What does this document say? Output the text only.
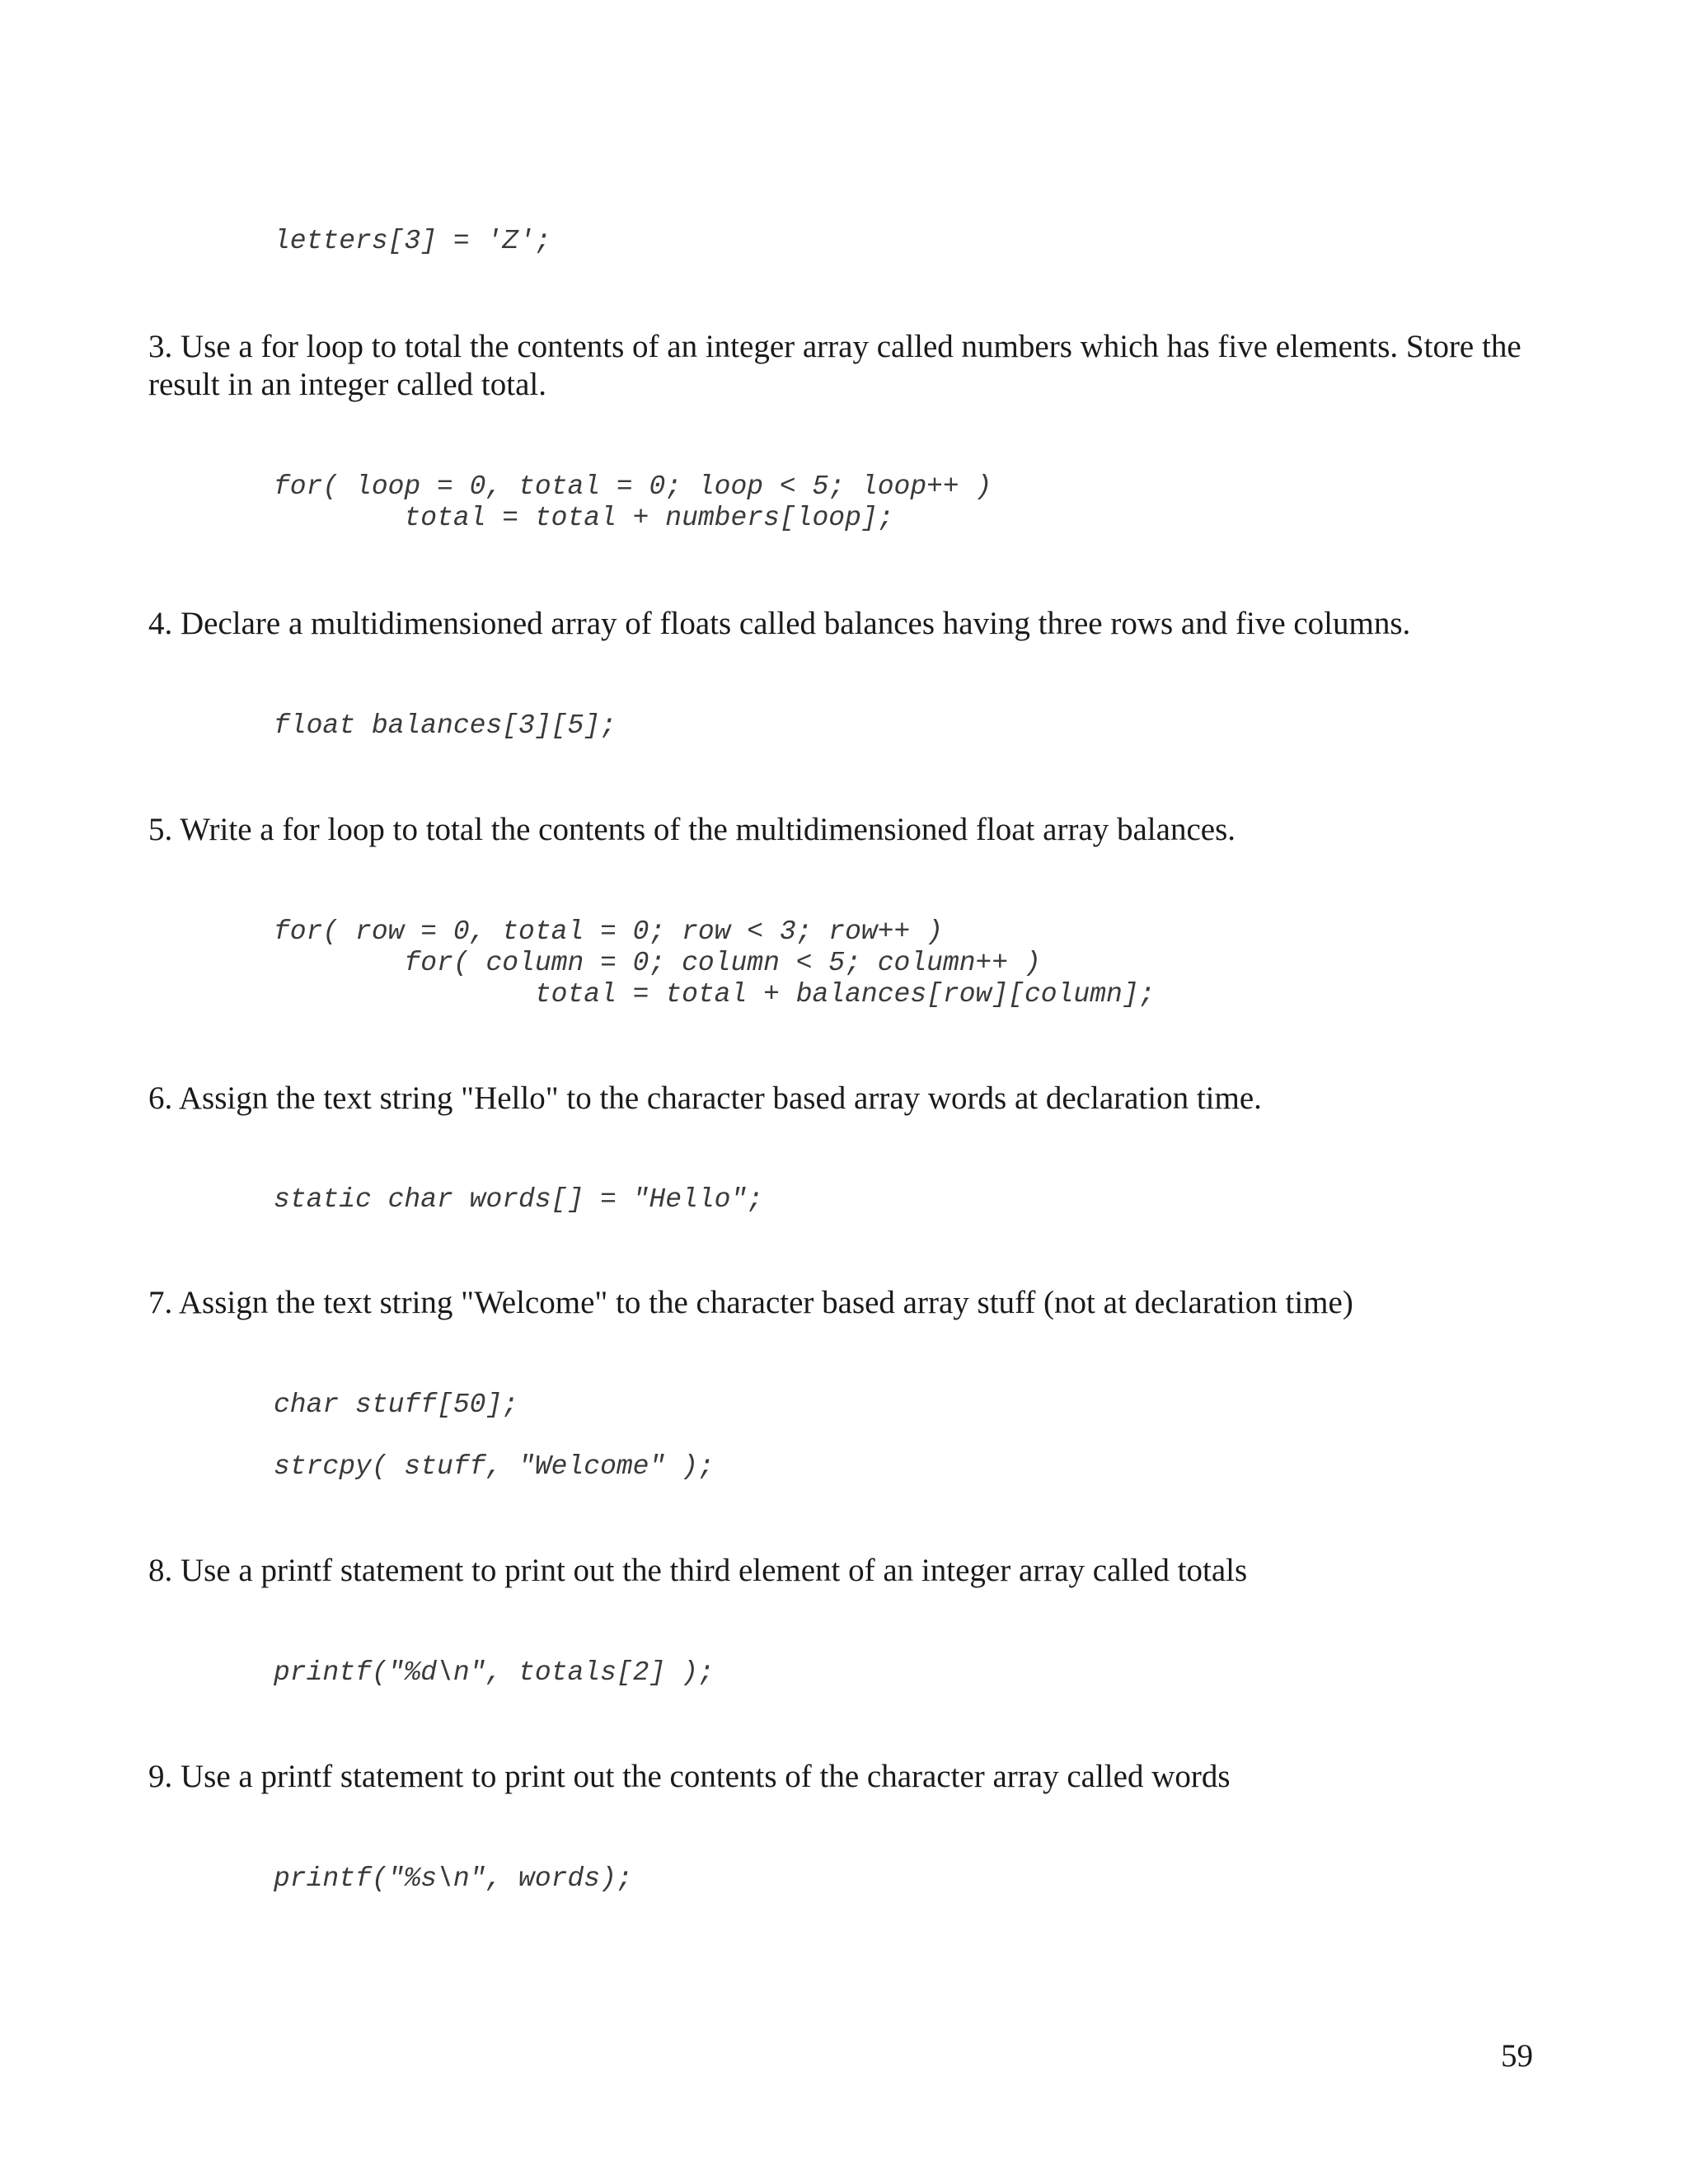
letters[3] = 'Z';

3. Use a for loop to total the contents of an integer array called numbers which has five elements. Store the result in an integer called total.

for( loop = 0, total = 0; loop < 5; loop++ )
total = total + numbers[loop];

4. Declare a multidimensioned array of floats called balances having three rows and five columns.

float balances[3][5];

5. Write a for loop to total the contents of the multidimensioned float array balances.

for( row = 0, total = 0; row < 3; row++ )
for( column = 0; column < 5; column++ )
total = total + balances[row][column];

6. Assign the text string "Hello" to the character based array words at declaration time.

static char words[] = "Hello";

7. Assign the text string "Welcome" to the character based array stuff (not at declaration time)

char stuff[50];
strcpy( stuff, "Welcome" );

8. Use a printf statement to print out the third element of an integer array called totals

printf("%d\n", totals[2] );

9. Use a printf statement to print out the contents of the character array called words

printf("%s\n", words);
59
